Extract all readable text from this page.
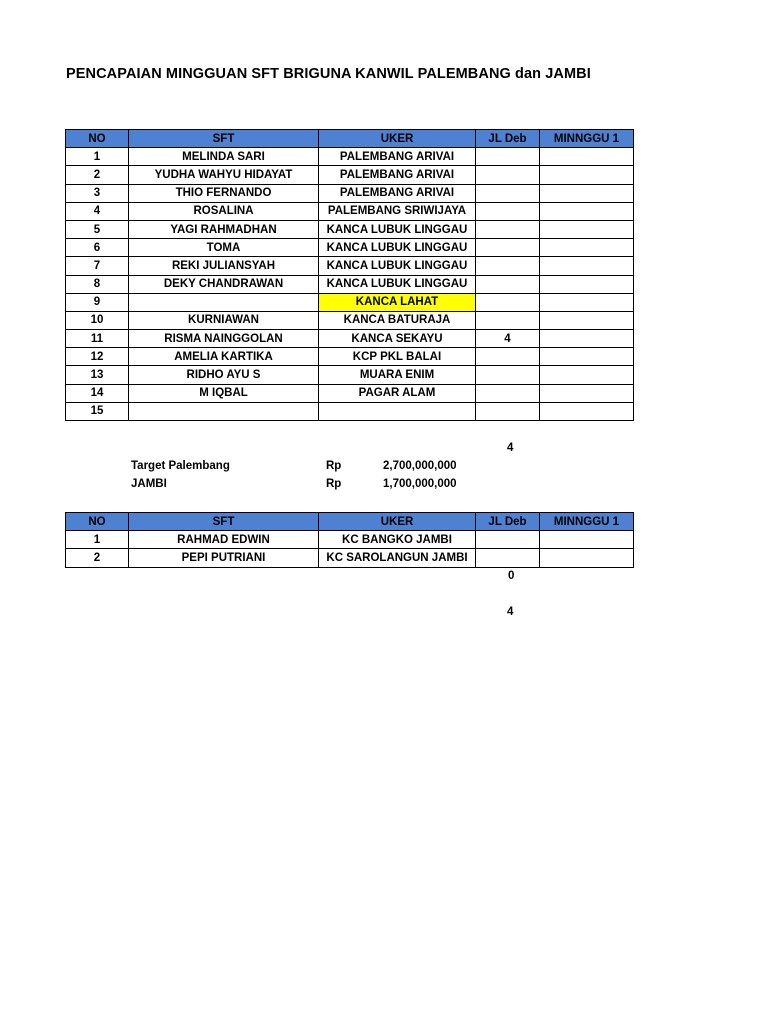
PENCAPAIAN MINGGUAN SFT BRIGUNA KANWIL PALEMBANG dan JAMBI
NO	SFT	UKER	JL Deb	MINNGGU 1
1	MELINDA SARI	PALEMBANG ARIVAI		
2	YUDHA WAHYU HIDAYAT	PALEMBANG ARIVAI		
3	THIO FERNANDO	PALEMBANG ARIVAI		
4	ROSALINA	PALEMBANG SRIWIJAYA		
5	YAGI RAHMADHAN	KANCA LUBUK LINGGAU		
6	TOMA	KANCA LUBUK LINGGAU		
7	REKI JULIANSYAH	KANCA LUBUK LINGGAU		
8	DEKY CHANDRAWAN	KANCA LUBUK LINGGAU		
9		KANCA LAHAT		
10	KURNIAWAN	KANCA BATURAJA		
11	RISMA NAINGGOLAN	KANCA SEKAYU	4	
12	AMELIA KARTIKA	KCP PKL BALAI		
13	RIDHO AYU S	MUARA ENIM		
14	M IQBAL	PAGAR ALAM		
15				
4
Target Palembang	Rp	2,700,000,000
JAMBI	Rp	1,700,000,000
NO	SFT	UKER	JL Deb	MINNGGU 1
1	RAHMAD EDWIN	KC BANGKO JAMBI		
2	PEPI PUTRIANI	KC SAROLANGUN JAMBI		
0
4
